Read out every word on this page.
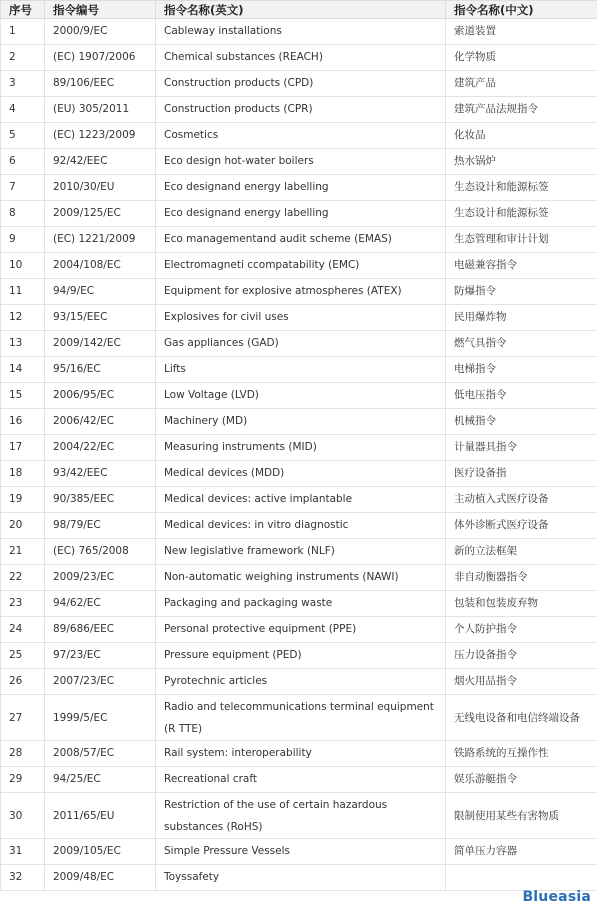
序号	指令编号	指令名称(英文)	指令名称(中文)
1	2000/9/EC	Cableway installations	索道装置
2	(EC) 1907/2006	Chemical substances (REACH)	化学物质
3	89/106/EEC	Construction products (CPD)	建筑产品
4	(EU) 305/2011	Construction products (CPR)	建筑产品法规指令
5	(EC) 1223/2009	Cosmetics	化妆品
6	92/42/EEC	Eco design hot-water boilers	热水锅炉
7	2010/30/EU	Eco designand energy labelling	生态设计和能源标签
8	2009/125/EC	Eco designand energy labelling	生态设计和能源标签
9	(EC) 1221/2009	Eco managementand audit scheme (EMAS)	生态管理和审计计划
10	2004/108/EC	Electromagneti ccompatability (EMC)	电磁兼容指令
11	94/9/EC	Equipment for explosive atmospheres (ATEX)	防爆指令
12	93/15/EEC	Explosives for civil uses	民用爆炸物
13	2009/142/EC	Gas appliances (GAD)	燃气具指令
14	95/16/EC	Lifts	电梯指令
15	2006/95/EC	Low Voltage (LVD)	低电压指令
16	2006/42/EC	Machinery (MD)	机械指令
17	2004/22/EC	Measuring instruments (MID)	计量器具指令
18	93/42/EEC	Medical devices (MDD)	医疗设备指
19	90/385/EEC	Medical devices: active implantable	主动植入式医疗设备
20	98/79/EC	Medical devices: in vitro diagnostic	体外诊断式医疗设备
21	(EC) 765/2008	New legislative framework (NLF)	新的立法框架
22	2009/23/EC	Non-automatic weighing instruments (NAWI)	非自动衡器指令
23	94/62/EC	Packaging and packaging waste	包装和包装废弃物
24	89/686/EEC	Personal protective equipment (PPE)	个人防护指令
25	97/23/EC	Pressure equipment (PED)	压力设备指令
26	2007/23/EC	Pyrotechnic articles	烟火用品指令
27	1999/5/EC	Radio and telecommunications terminal equipment (R TTE)	无线电设备和电信终端设备
28	2008/57/EC	Rail system: interoperability	铁路系统的互操作性
29	94/25/EC	Recreational craft	娱乐游艇指令
30	2011/65/EU	Restriction of the use of certain hazardous substances (RoHS)	限制使用某些有害物质
31	2009/105/EC	Simple Pressure Vessels	简单压力容器
32	2009/48/EC	Toyssafety	
Blueasia
